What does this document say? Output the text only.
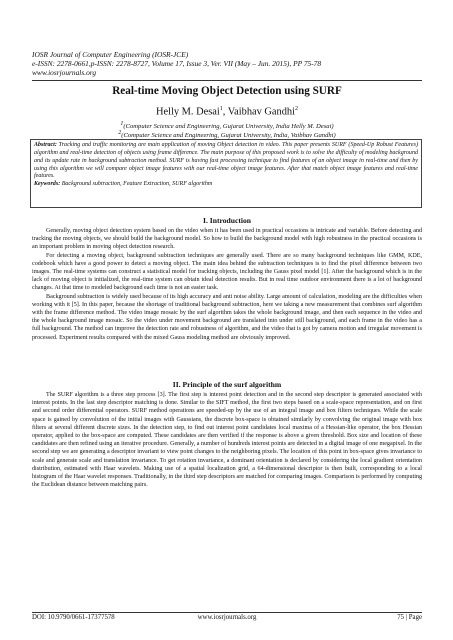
IOSR Journal of Computer Engineering (IOSR-JCE)
e-ISSN: 2278-0661,p-ISSN: 2278-8727, Volume 17, Issue 3, Ver. VII (May – Jun. 2015), PP 75-78
www.iosrjournals.org
Real-time Moving Object Detection using SURF
Helly M. Desai$^1$, Vaibhav Gandhi$^2$
$^1$(Computer Science and Engineering, Gujarat University, India Helly M. Desai)
$^2$(Computer Science and Engineering, Gujarat University, India, Vaibhav Gandhi)

Abstract: Tracking and traffic monitoring are main application of moving Object detection in video. This paper presents SURF (Speed-Up Robust Features) algorithm and real-time detection of objects using frame difference. The main purpose of this proposed work is to solve the difficulty of modeling background and its update rate in background subtraction method. SURF is having fast processing technique to find features of an object image in real-time and then by using this algorithm we will compare object image features with our real-time object image features. After that match object image features and real-time features.

Keywords: Background subtraction, Feature Extraction, SURF algorithm

I. Introduction

Generally, moving object detection system based on the video when it has been used in practical occasions is intricate and variable. Before detecting and tracking the moving objects, we should build the background model. So how to build the background model with high robustness in the practical occasions is an important problem in moving object detection research.

For detecting a moving object, background subtraction techniques are generally used. There are so many background techniques like GMM, KDE, codebook which have a good power to detect a moving object. The main idea behind the subtraction techniques is to find the pixel difference between two images. The real-time systems can construct a statistical model for tracking objects, including the Gauss pixel model [1]. After the background which is in the lack of moving object is initialized, the real-time system can obtain ideal detection results. But in real time outdoor environment there is a lot of background changes. At that time to modeled background each time is not an easier task.

Background subtraction is widely used because of its high accuracy and anti noise ability. Large amount of calculation, modeling are the difficulties when working with it [5]. In this paper, because the shortage of traditional background subtraction, here we taking a new measurement that combines surf algorithm with the frame difference method. The video image mosaic by the surf algorithm takes the whole background image, and then each sequence in the video and the whole background image mosaic. So the video under movement background are translated into under still background, and each frame in the video has a full background. The method can improve the detection rate and robustness of algorithm, and the video that is got by camera motion and irregular movement is processed. Experiment results compared with the mixed Gauss modeling method are obviously improved.

II. Principle of the surf algorithm

The SURF algorithm is a three step process [3]. The first step is interest point detection and in the second step descriptor is generated associated with interest points. In the last step descriptor matching is done. Similar to the SIFT method, the first two steps based on a scale-space representation, and on first and second order differential operators. SURF method operations are speeded-up by the use of an integral image and box filters techniques. While the scale space is gained by convolution of the initial images with Gaussians, the discrete box-space is obtained similarly by convolving the original image with box filters at several different discrete sizes. In the detection step, to find out interest point candidates local maxima of a Hessian-like operator, the box Hessian operator, applied to the box-space are computed. These candidates are then verified if the response is above a given threshold. Box size and location of these candidates are then refined using an iterative procedure. Generally, a number of hundreds interest points are detected in a digital image of one megapixel. In the second step we are generating a descriptor invariant to view point changes to the neighboring pixels. The location of this point in box-space gives invariance to scale and generate scale and translation invariance. To get rotation invariance, a dominant orientation is declared by considering the local gradient orientation distribution, estimated with Haar wavelets. Making use of a spatial localization grid, a 64-dimensional descriptor is then built, corresponding to a local histogram of the Haar wavelet responses. Traditionally, in the third step descriptors are matched for comparing images. Comparison is performed by computing the Euclidean distance between matching pairs.

DOI: 10.9790/0661-17377578	www.iosrjournals.org	75 | Page
